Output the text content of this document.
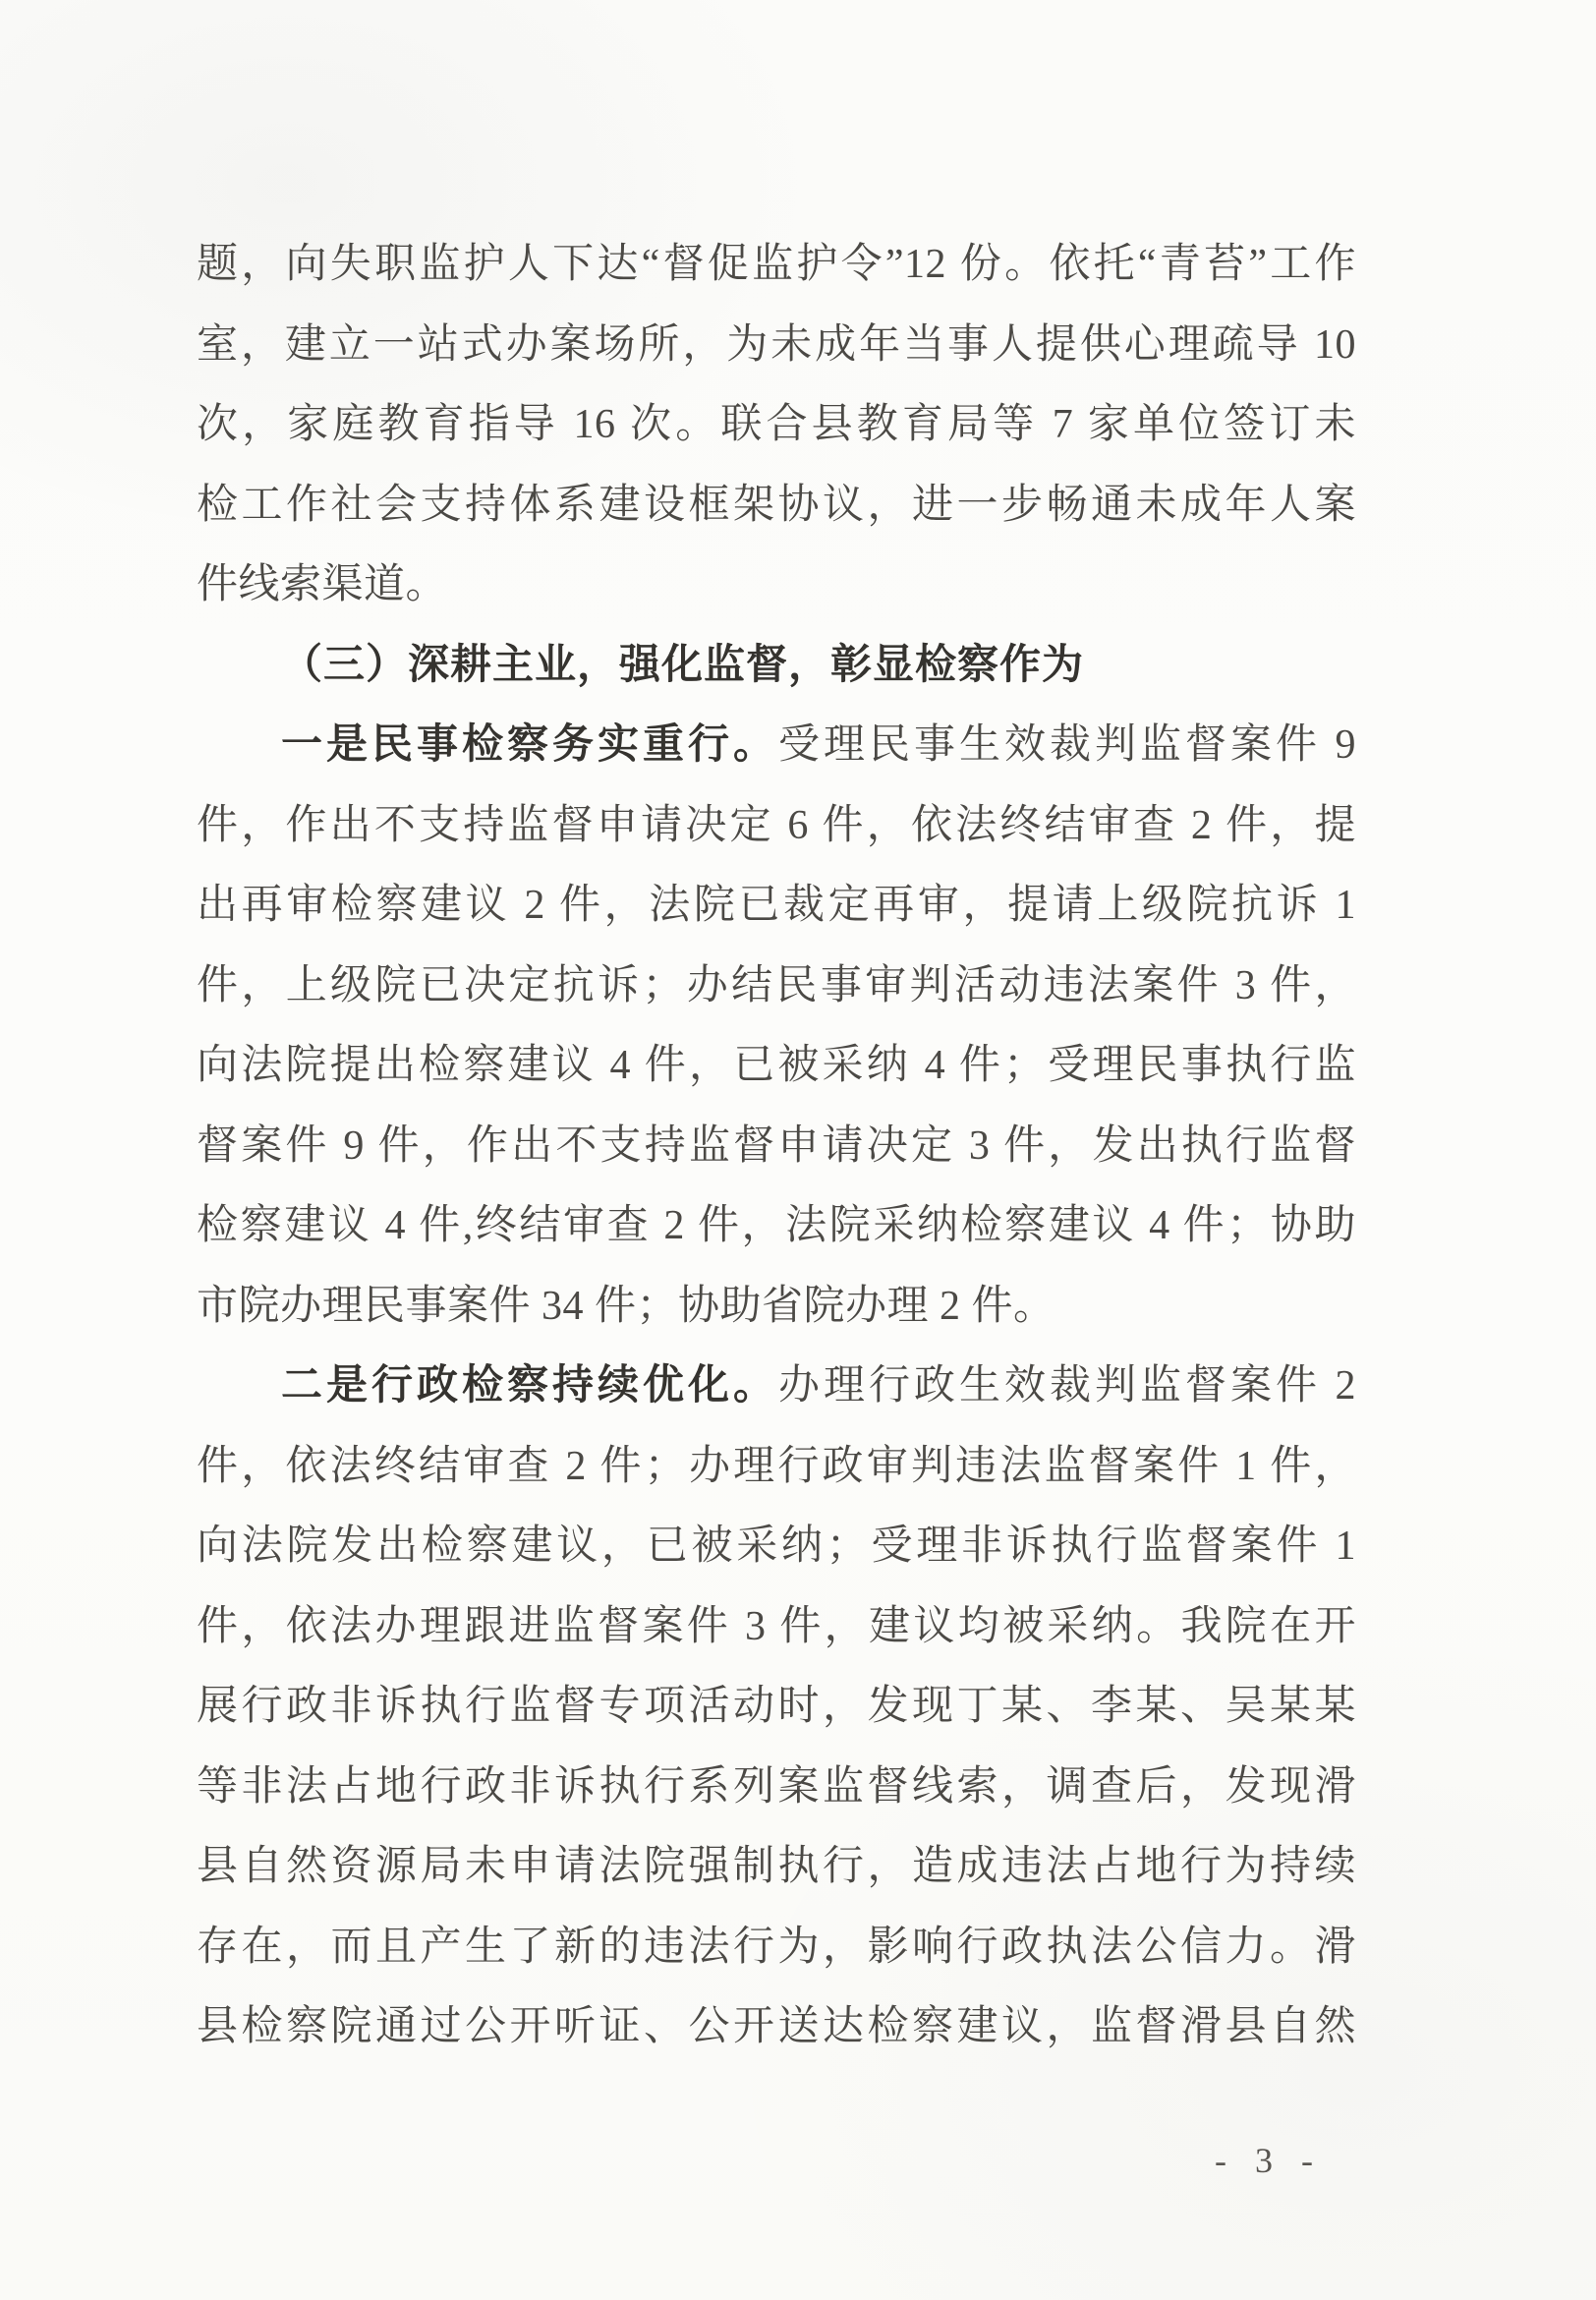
题，向失职监护人下达“督促监护令”12 份。依托“青苔”工作

室，建立一站式办案场所，为未成年当事人提供心理疏导 10

次，家庭教育指导 16 次。联合县教育局等 7 家单位签订未

检工作社会支持体系建设框架协议，进一步畅通未成年人案

件线索渠道。

（三）深耕主业，强化监督，彰显检察作为

一是民事检察务实重行。受理民事生效裁判监督案件 9

件，作出不支持监督申请决定 6 件，依法终结审查 2 件，提

出再审检察建议 2 件，法院已裁定再审，提请上级院抗诉 1

件，上级院已决定抗诉；办结民事审判活动违法案件 3 件，

向法院提出检察建议 4 件，已被采纳 4 件；受理民事执行监

督案件 9 件，作出不支持监督申请决定 3 件，发出执行监督

检察建议 4 件,终结审查 2 件，法院采纳检察建议 4 件；协助

市院办理民事案件 34 件；协助省院办理 2 件。

二是行政检察持续优化。办理行政生效裁判监督案件 2

件，依法终结审查 2 件；办理行政审判违法监督案件 1 件，

向法院发出检察建议，已被采纳；受理非诉执行监督案件 1

件，依法办理跟进监督案件 3 件，建议均被采纳。我院在开

展行政非诉执行监督专项活动时，发现丁某、李某、吴某某

等非法占地行政非诉执行系列案监督线索，调查后，发现滑

县自然资源局未申请法院强制执行，造成违法占地行为持续

存在，而且产生了新的违法行为，影响行政执法公信力。滑

县检察院通过公开听证、公开送达检察建议，监督滑县自然

- 3 -
